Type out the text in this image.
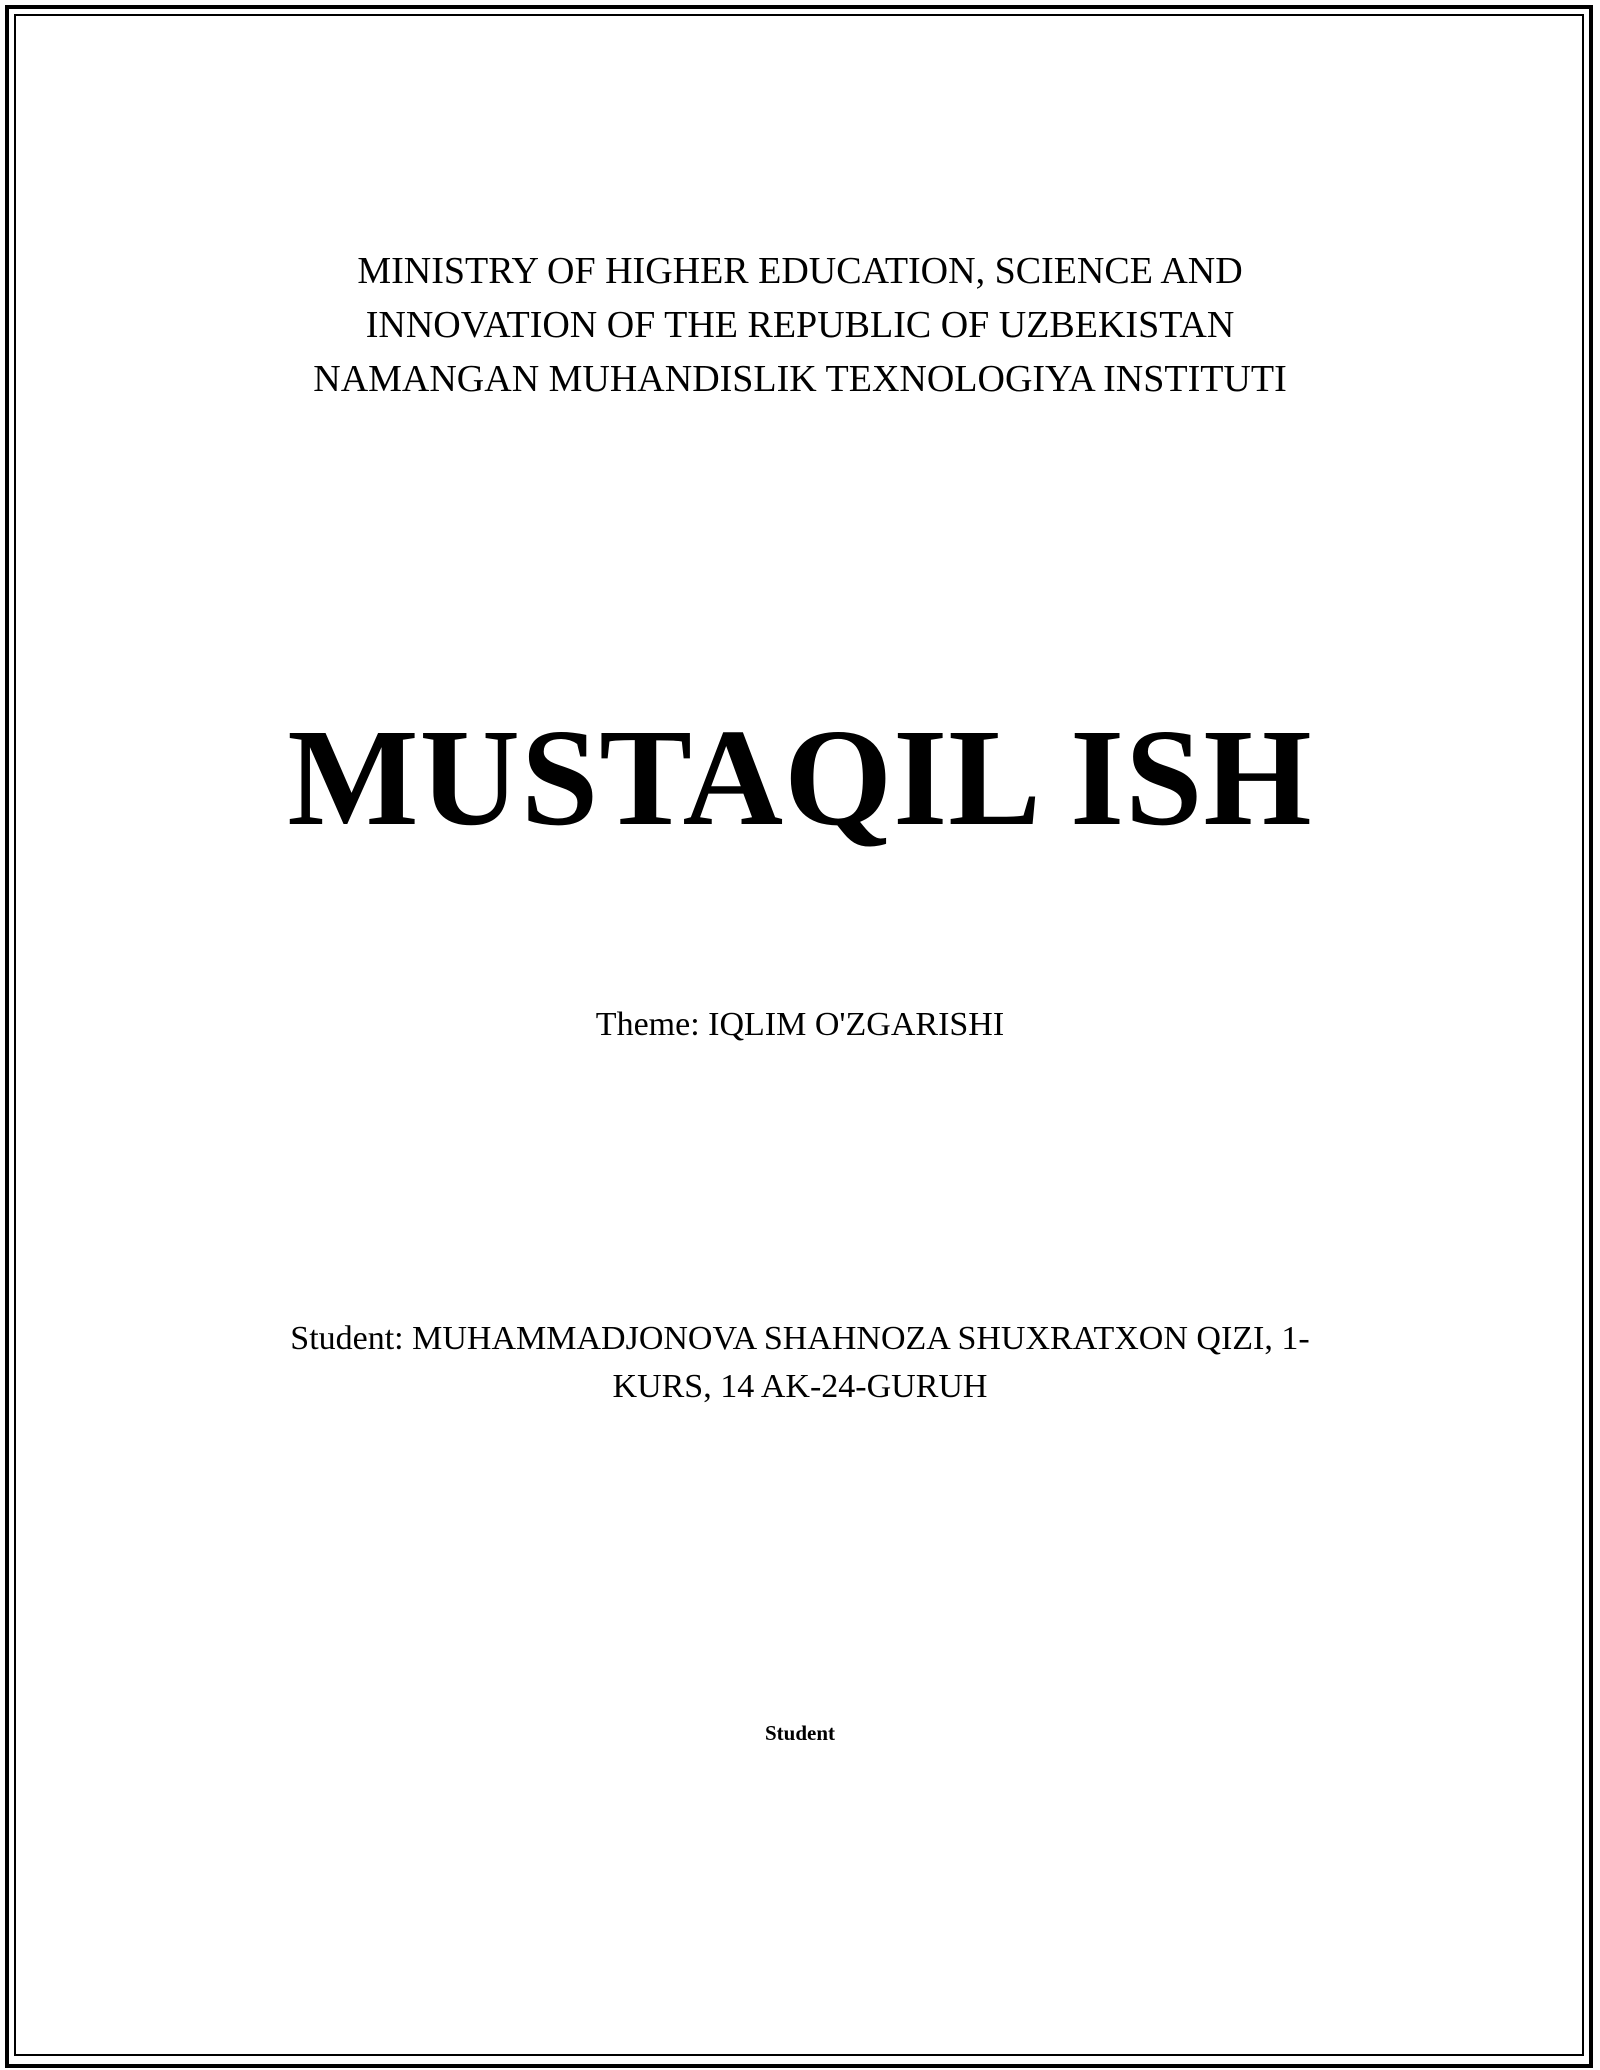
MINISTRY OF HIGHER EDUCATION, SCIENCE AND
INNOVATION OF THE REPUBLIC OF UZBEKISTAN
NAMANGAN MUHANDISLIK TEXNOLOGIYA INSTITUTI
MUSTAQIL ISH
Theme: IQLIM O'ZGARISHI
Student: MUHAMMADJONOVA SHAHNOZA SHUXRATXON QIZI, 1-
KURS, 14 AK-24-GURUH
Student
